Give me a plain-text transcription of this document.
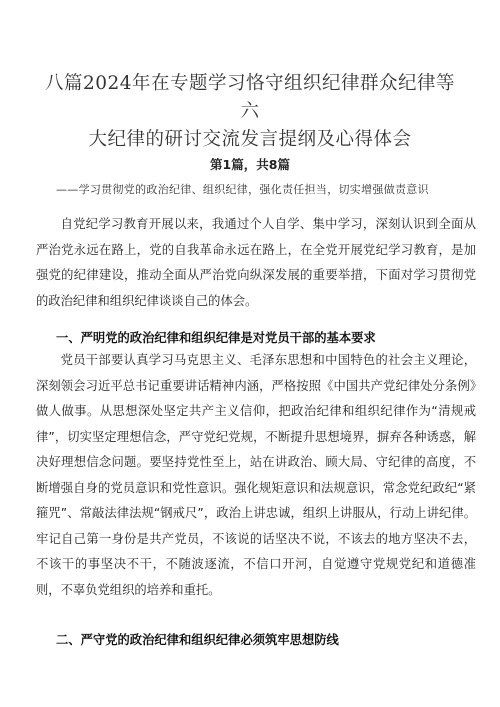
八篇2024年在专题学习恪守组织纪律群众纪律等六
大纪律的研讨交流发言提纲及心得体会
第1篇，共8篇
——学习贯彻党的政治纪律、组织纪律，强化责任担当，切实增强做责意识
自党纪学习教育开展以来，我通过个人自学、集中学习，深刻认识到全面从严治党永远在路上，党的自我革命永远在路上，在全党开展党纪学习教育，是加强党的纪律建设，推动全面从严治党向纵深发展的重要举措，下面对学习贯彻党的政治纪律和组织纪律谈谈自己的体会。
一、严明党的政治纪律和组织纪律是对党员干部的基本要求
党员干部要认真学习马克思主义、毛泽东思想和中国特色的社会主义理论，深刻领会习近平总书记重要讲话精神内涵，严格按照《中国共产党纪律处分条例》做人做事。从思想深处坚定共产主义信仰，把政治纪律和组织纪律作为“清规戒律”，切实坚定理想信念，严守党纪党规，不断提升思想境界，摒弃各种诱惑，解决好理想信念问题。要坚持党性至上，站在讲政治、顾大局、守纪律的高度，不断增强自身的党员意识和党性意识。强化规矩意识和法规意识，常念党纪政纪“紧箍咒”、常敲法律法规“钢戒尺”，政治上讲忠诚，组织上讲服从，行动上讲纪律。牢记自己第一身份是共产党员，不该说的话坚决不说，不该去的地方坚决不去，不该干的事坚决不干，不随波逐流，不信口开河，自觉遵守党规党纪和道德准则，不辜负党组织的培养和重托。
二、严守党的政治纪律和组织纪律必须筑牢思想防线
